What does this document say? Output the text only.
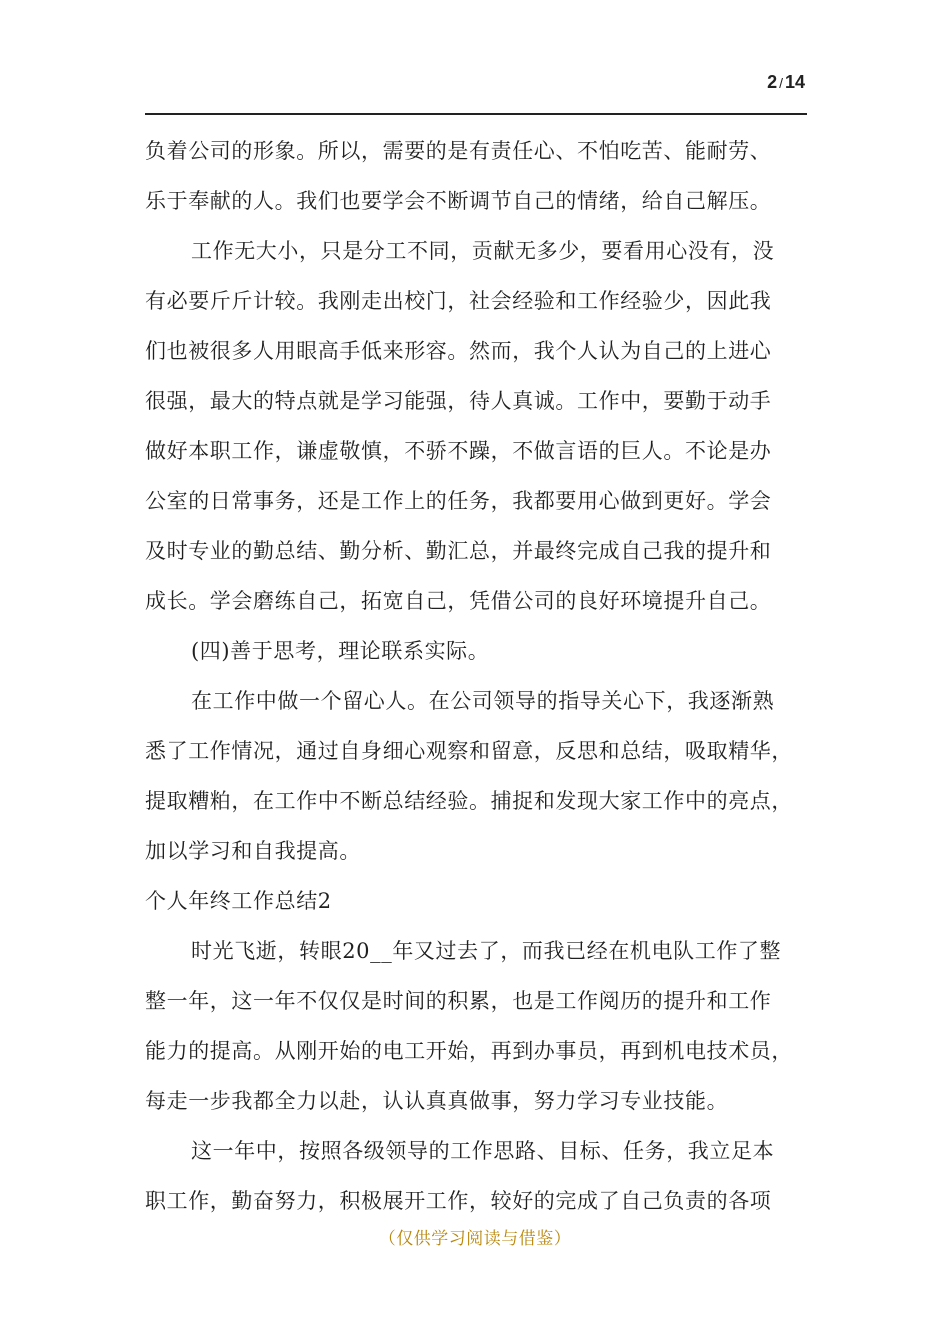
2 / 14
负着公司的形象。所以，需要的是有责任心、不怕吃苦、能耐劳、
乐于奉献的人。我们也要学会不断调节自己的情绪，给自己解压。
工作无大小，只是分工不同，贡献无多少，要看用心没有，没
有必要斤斤计较。我刚走出校门，社会经验和工作经验少，因此我
们也被很多人用眼高手低来形容。然而，我个人认为自己的上进心
很强，最大的特点就是学习能强，待人真诚。工作中，要勤于动手
做好本职工作，谦虚敬慎，不骄不躁，不做言语的巨人。不论是办
公室的日常事务，还是工作上的任务，我都要用心做到更好。学会
及时专业的勤总结、勤分析、勤汇总，并最终完成自己我的提升和
成长。学会磨练自己，拓宽自己，凭借公司的良好环境提升自己。
(四)善于思考，理论联系实际。
在工作中做一个留心人。在公司领导的指导关心下，我逐渐熟
悉了工作情况，通过自身细心观察和留意，反思和总结，吸取精华，
提取糟粕，在工作中不断总结经验。捕捉和发现大家工作中的亮点，
加以学习和自我提高。
个人年终工作总结2
时光飞逝，转眼20__年又过去了，而我已经在机电队工作了整
整一年，这一年不仅仅是时间的积累，也是工作阅历的提升和工作
能力的提高。从刚开始的电工开始，再到办事员，再到机电技术员，
每走一步我都全力以赴，认认真真做事，努力学习专业技能。
这一年中，按照各级领导的工作思路、目标、任务，我立足本
职工作，勤奋努力，积极展开工作，较好的完成了自己负责的各项
（仅供学习阅读与借鉴）
